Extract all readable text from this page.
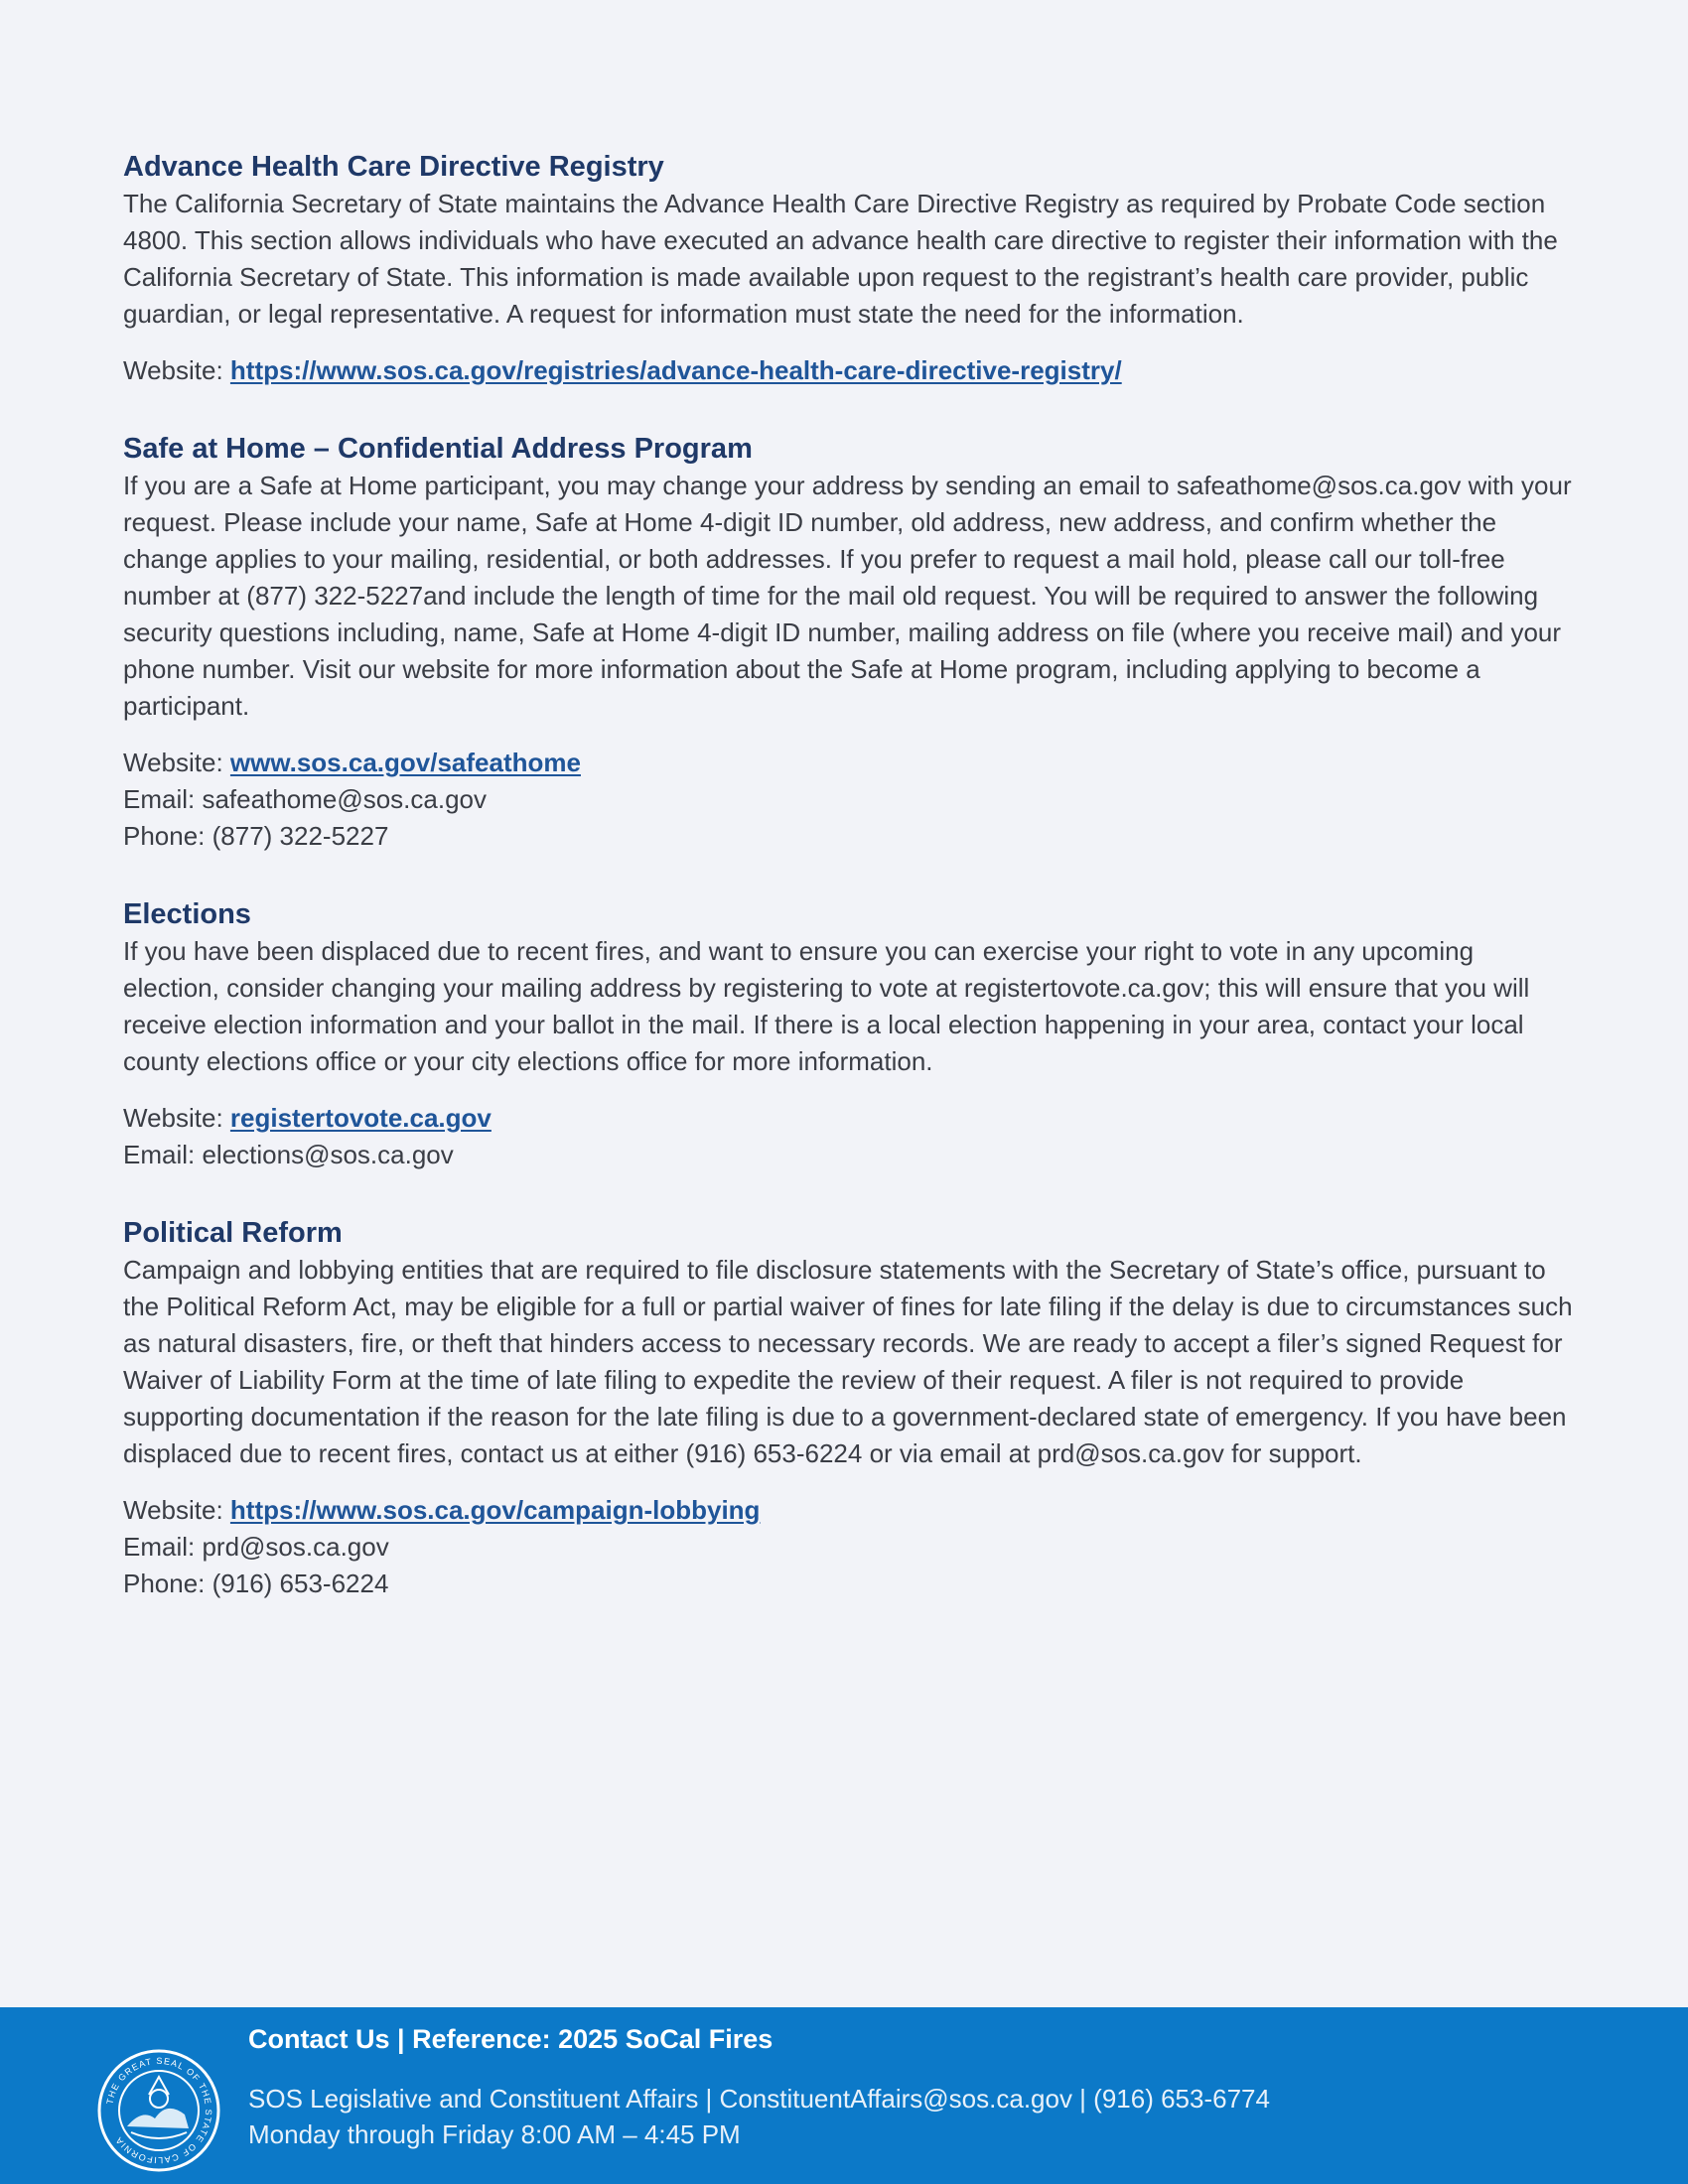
Advance Health Care Directive Registry

The California Secretary of State maintains the Advance Health Care Directive Registry as required by Probate Code section 4800. This section allows individuals who have executed an advance health care directive to register their information with the California Secretary of State. This information is made available upon request to the registrant’s health care provider, public guardian, or legal representative. A request for information must state the need for the information.

Website: https://www.sos.ca.gov/registries/advance-health-care-directive-registry/
Safe at Home – Confidential Address Program

If you are a Safe at Home participant, you may change your address by sending an email to safeathome@sos.ca.gov with your request. Please include your name, Safe at Home 4-digit ID number, old address, new address, and confirm whether the change applies to your mailing, residential, or both addresses. If you prefer to request a mail hold, please call our toll-free number at (877) 322-5227and include the length of time for the mail old request. You will be required to answer the following security questions including, name, Safe at Home 4-digit ID number, mailing address on file (where you receive mail) and your phone number. Visit our website for more information about the Safe at Home program, including applying to become a participant.

Website: www.sos.ca.gov/safeathome
Email: safeathome@sos.ca.gov
Phone: (877) 322-5227
Elections

If you have been displaced due to recent fires, and want to ensure you can exercise your right to vote in any upcoming election, consider changing your mailing address by registering to vote at registertovote.ca.gov; this will ensure that you will receive election information and your ballot in the mail. If there is a local election happening in your area, contact your local county elections office or your city elections office for more information.

Website: registertovote.ca.gov
Email: elections@sos.ca.gov
Political Reform

Campaign and lobbying entities that are required to file disclosure statements with the Secretary of State’s office, pursuant to the Political Reform Act, may be eligible for a full or partial waiver of fines for late filing if the delay is due to circumstances such as natural disasters, fire, or theft that hinders access to necessary records. We are ready to accept a filer’s signed Request for Waiver of Liability Form at the time of late filing to expedite the review of their request. A filer is not required to provide supporting documentation if the reason for the late filing is due to a government-declared state of emergency. If you have been displaced due to recent fires, contact us at either (916) 653-6224 or via email at prd@sos.ca.gov for support.

Website: https://www.sos.ca.gov/campaign-lobbying
Email: prd@sos.ca.gov
Phone: (916) 653-6224
THE GREAT SEAL OF THE STATE OF CALIFORNIA
Contact Us | Reference: 2025 SoCal Fires
SOS Legislative and Constituent Affairs | ConstituentAffairs@sos.ca.gov | (916) 653-6774
Monday through Friday 8:00 AM – 4:45 PM
